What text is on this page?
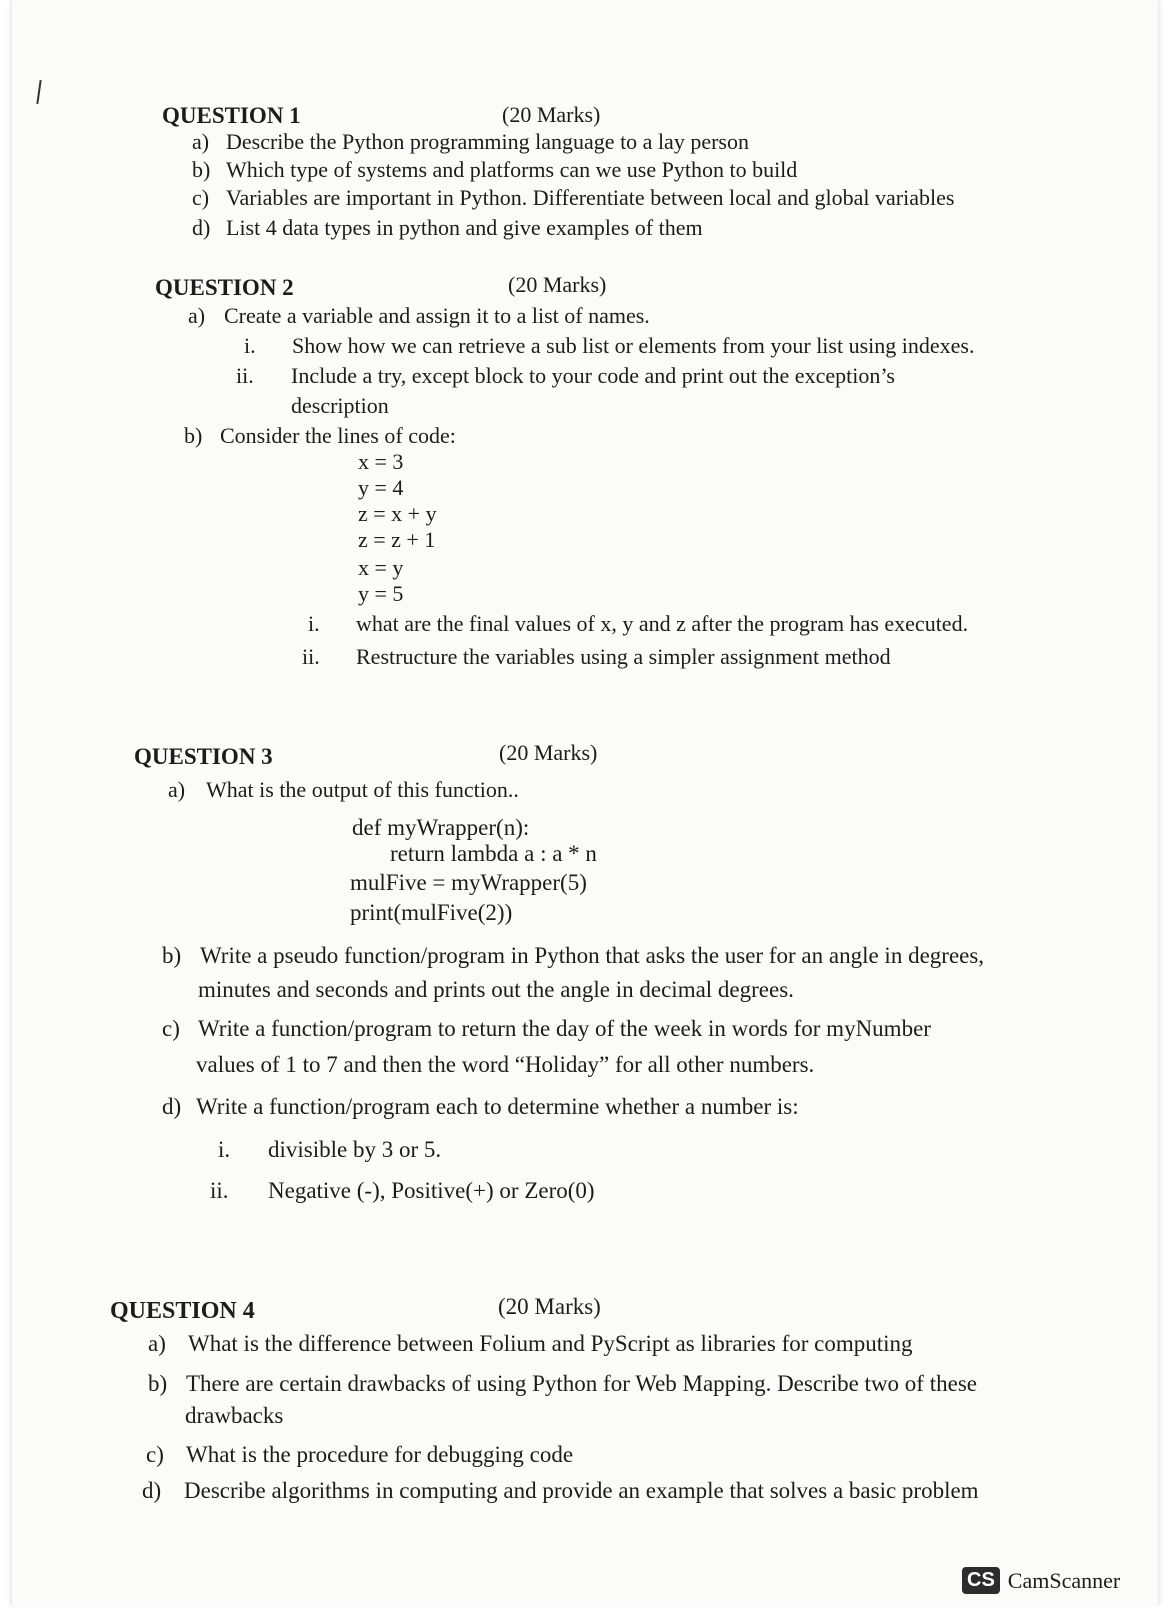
QUESTION 1	(20 Marks)
a) Describe the Python programming language to a lay person
b) Which type of systems and platforms can we use Python to build
c) Variables are important in Python. Differentiate between local and global variables
d) List 4 data types in python and give examples of them
QUESTION 2	(20 Marks)
a) Create a variable and assign it to a list of names.
i. Show how we can retrieve a sub list or elements from your list using indexes.
ii. Include a try, except block to your code and print out the exception’s
description
b) Consider the lines of code:
x = 3
y = 4
z = x + y
z = z + 1
x = y
y = 5
i. what are the final values of x, y and z after the program has executed.
ii. Restructure the variables using a simpler assignment method
QUESTION 3	(20 Marks)
a) What is the output of this function..
def myWrapper(n):
return lambda a : a * n
mulFive = myWrapper(5)
print(mulFive(2))
b) Write a pseudo function/program in Python that asks the user for an angle in degrees,
minutes and seconds and prints out the angle in decimal degrees.
c) Write a function/program to return the day of the week in words for myNumber
values of 1 to 7 and then the word “Holiday” for all other numbers.
d) Write a function/program each to determine whether a number is:
i. divisible by 3 or 5.
ii. Negative (-), Positive(+) or Zero(0)
QUESTION 4	(20 Marks)
a) What is the difference between Folium and PyScript as libraries for computing
b) There are certain drawbacks of using Python for Web Mapping. Describe two of these
drawbacks
c) What is the procedure for debugging code
d) Describe algorithms in computing and provide an example that solves a basic problem
CS CamScanner
